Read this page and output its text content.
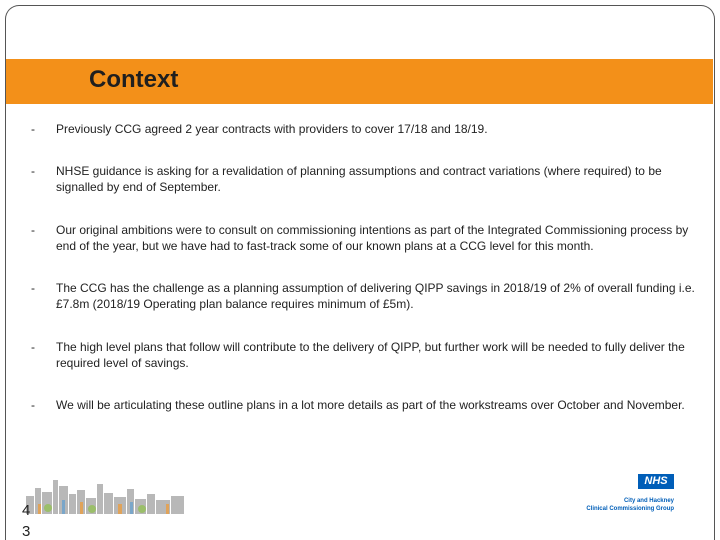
Context
- Previously CCG agreed 2 year contracts with providers to cover 17/18 and 18/19.
- NHSE guidance is asking for a revalidation of planning assumptions and contract variations (where required) to be signalled by end of September.
- Our original ambitions were to consult on commissioning intentions as part of the Integrated Commissioning process by end of the year, but we have had to fast-track some of our known plans at a CCG level for this month.
- The CCG has the challenge as a planning assumption of delivering QIPP savings in 2018/19 of 2% of overall funding i.e. £7.8m (2018/19 Operating plan balance requires minimum of £5m).
- The high level plans that follow will contribute to the delivery of QIPP, but further work will be needed to fully deliver the required level of savings.
- We will be articulating these outline plans in a lot more details as part of the workstreams over October and November.
4 3
NHS
City and Hackney
Clinical Commissioning Group
